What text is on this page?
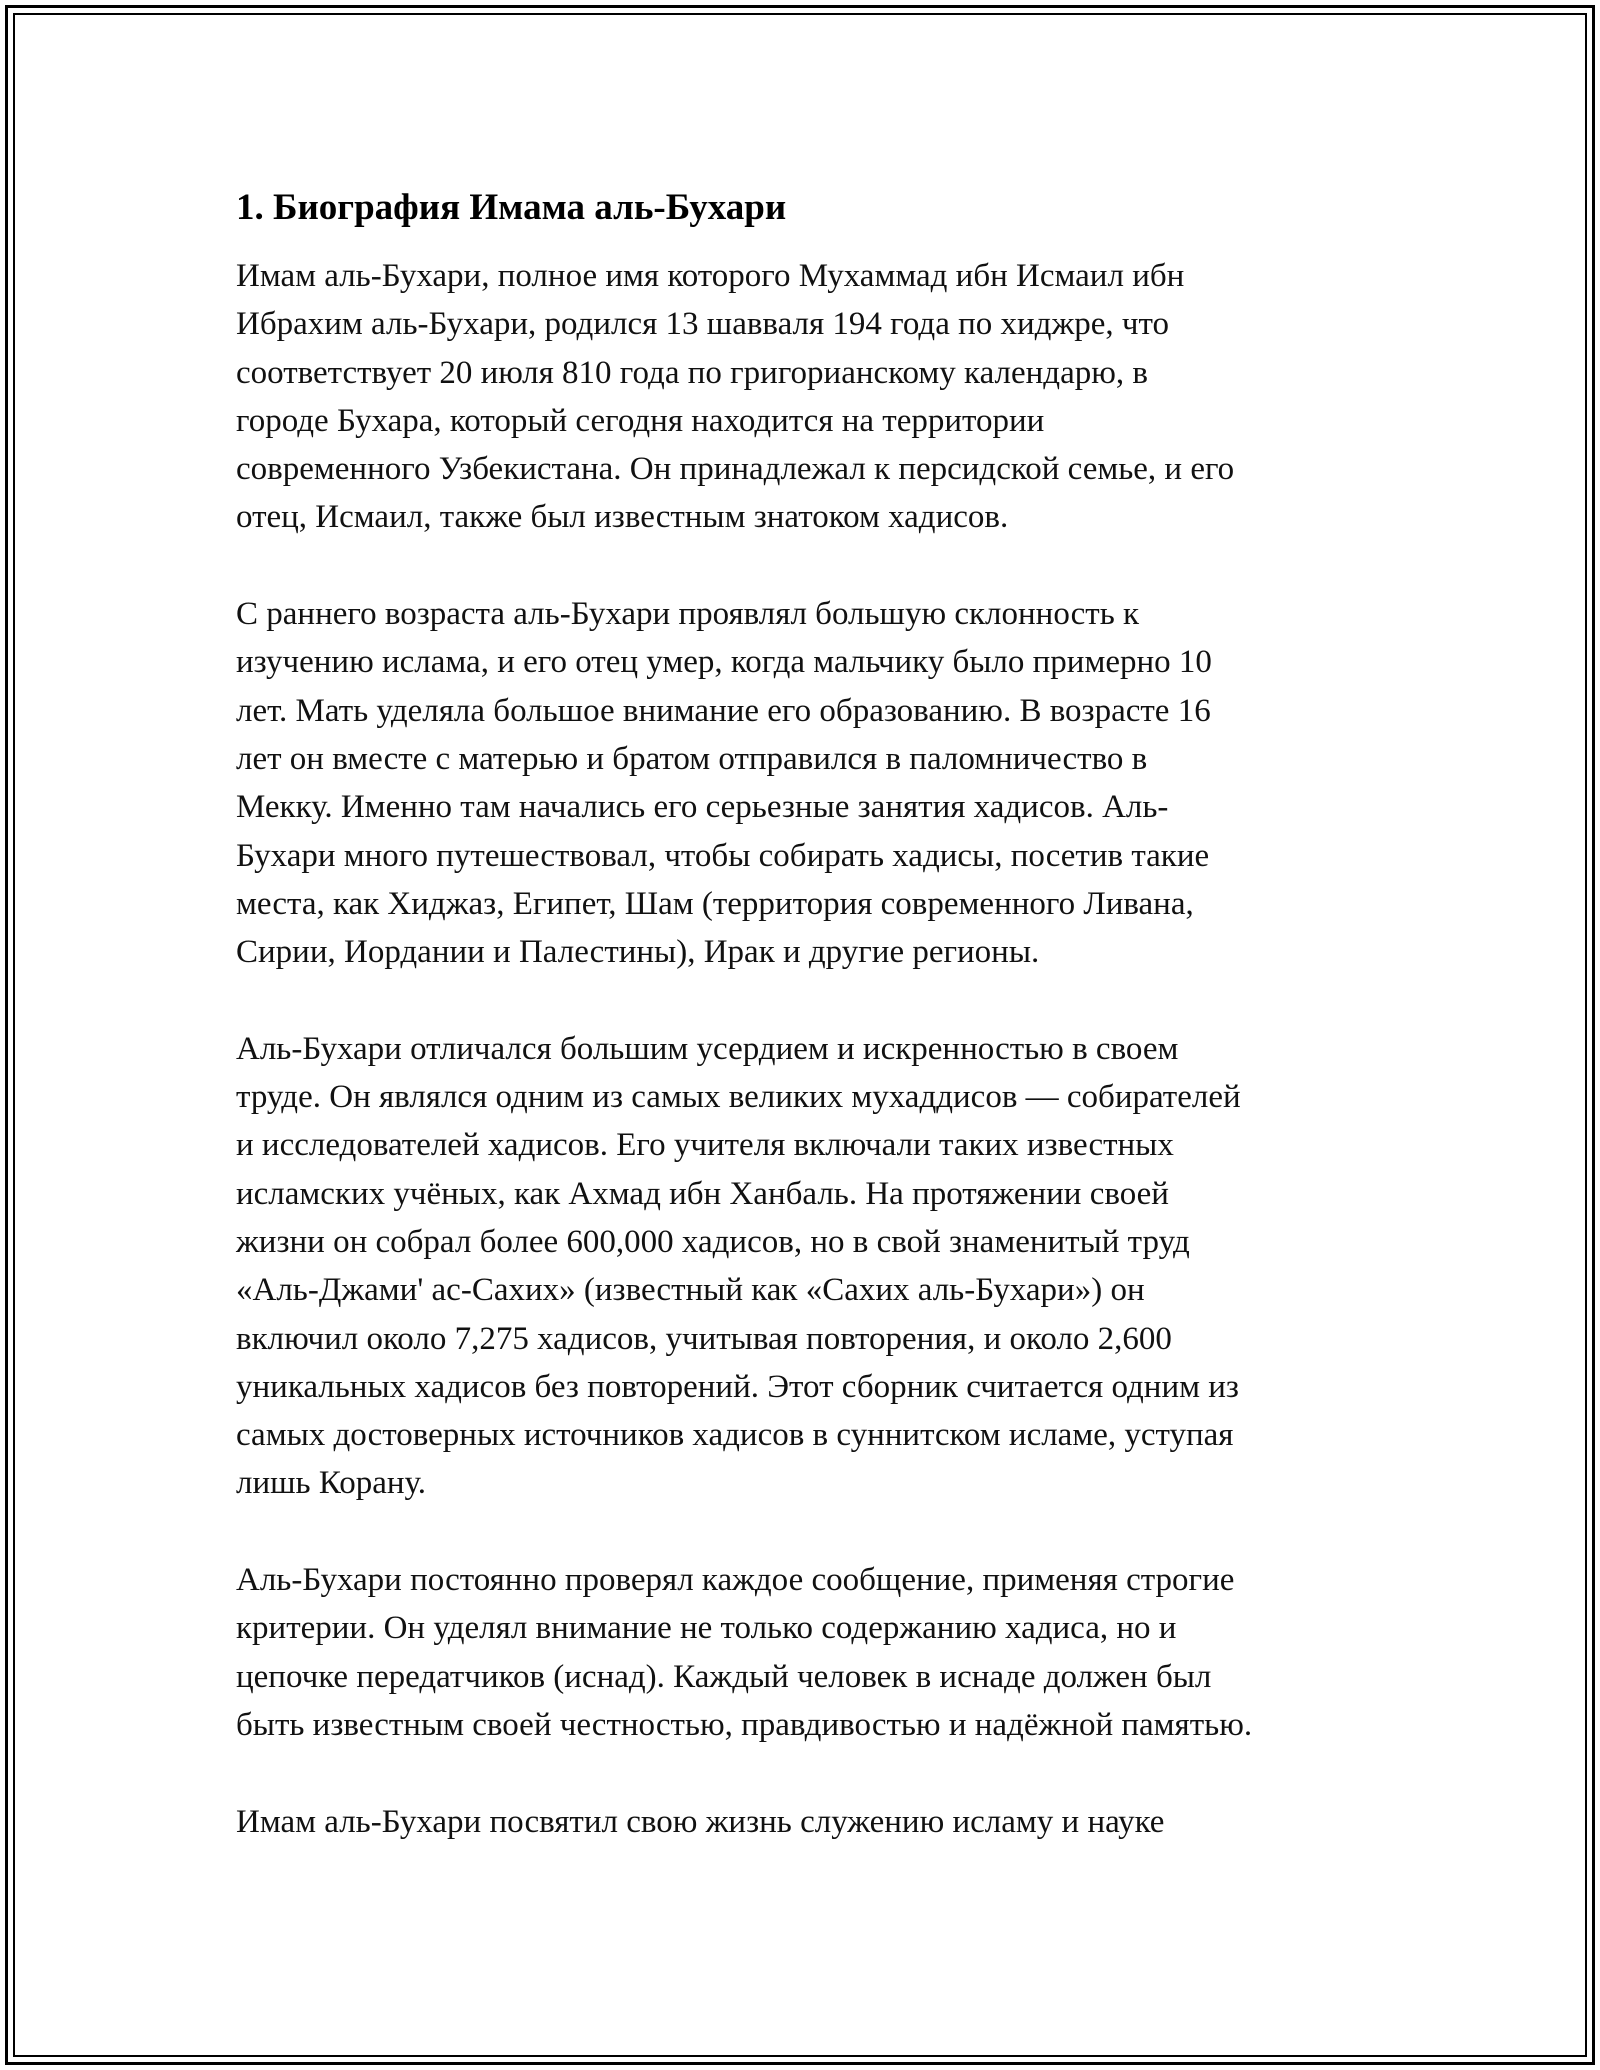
1. Биография Имама аль-Бухари

Имам аль-Бухари, полное имя которого Мухаммад ибн Исмаил ибн
Ибрахим аль-Бухари, родился 13 шавваля 194 года по хиджре, что
соответствует 20 июля 810 года по григорианскому календарю, в
городе Бухара, который сегодня находится на территории
современного Узбекистана. Он принадлежал к персидской семье, и его
отец, Исмаил, также был известным знатоком хадисов.

С раннего возраста аль-Бухари проявлял большую склонность к
изучению ислама, и его отец умер, когда мальчику было примерно 10
лет. Мать уделяла большое внимание его образованию. В возрасте 16
лет он вместе с матерью и братом отправился в паломничество в
Мекку. Именно там начались его серьезные занятия хадисов. Аль-
Бухари много путешествовал, чтобы собирать хадисы, посетив такие
места, как Хиджаз, Египет, Шам (территория современного Ливана,
Сирии, Иордании и Палестины), Ирак и другие регионы.

Аль-Бухари отличался большим усердием и искренностью в своем
труде. Он являлся одним из самых великих мухаддисов — собирателей
и исследователей хадисов. Его учителя включали таких известных
исламских учёных, как Ахмад ибн Ханбаль. На протяжении своей
жизни он собрал более 600,000 хадисов, но в свой знаменитый труд
«Аль-Джами' ас-Сахих» (известный как «Сахих аль-Бухари») он
включил около 7,275 хадисов, учитывая повторения, и около 2,600
уникальных хадисов без повторений. Этот сборник считается одним из
самых достоверных источников хадисов в суннитском исламе, уступая
лишь Корану.

Аль-Бухари постоянно проверял каждое сообщение, применяя строгие
критерии. Он уделял внимание не только содержанию хадиса, но и
цепочке передатчиков (иснад). Каждый человек в иснаде должен был
быть известным своей честностью, правдивостью и надёжной памятью.

Имам аль-Бухари посвятил свою жизнь служению исламу и науке
